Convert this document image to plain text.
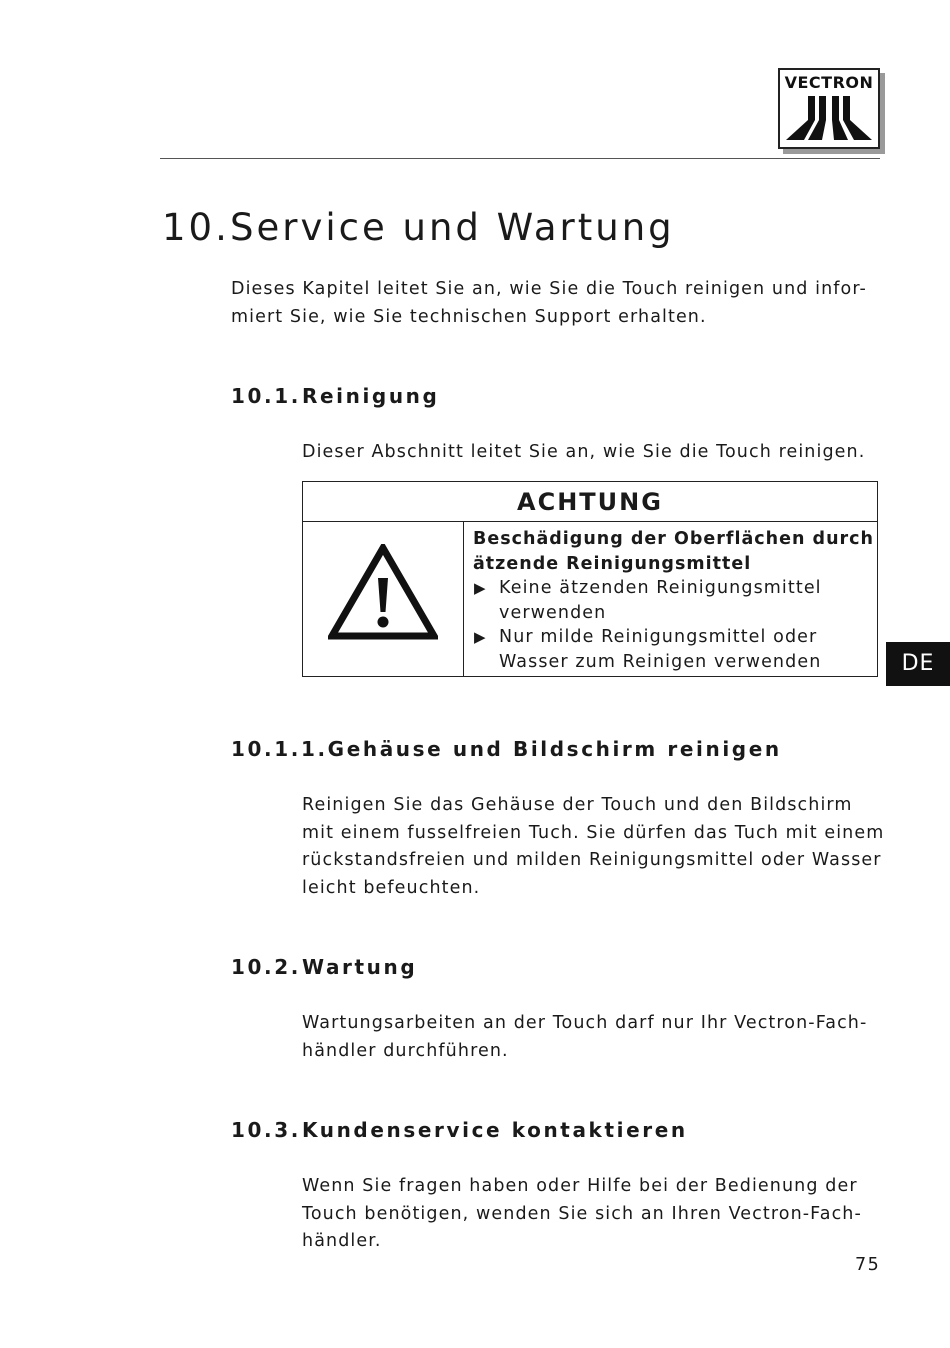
VECTRON
10.Service und Wartung
Dieses Kapitel leitet Sie an, wie Sie die Touch reinigen und infor-
miert Sie, wie Sie technischen Support erhalten.
10.1.Reinigung
Dieser Abschnitt leitet Sie an, wie Sie die Touch reinigen.
ACHTUNG
Beschädigung der Oberflächen durch
ätzende Reinigungsmittel
▶ Keine ätzenden Reinigungsmittel
verwenden
▶ Nur milde Reinigungsmittel oder
Wasser zum Reinigen verwenden	DE
10.1.1.Gehäuse und Bildschirm reinigen
Reinigen Sie das Gehäuse der Touch und den Bildschirm
mit einem fusselfreien Tuch. Sie dürfen das Tuch mit einem
rückstandsfreien und milden Reinigungsmittel oder Wasser
leicht befeuchten.
10.2.Wartung
Wartungsarbeiten an der Touch darf nur Ihr Vectron-Fach-
händler durchführen.
10.3.Kundenservice kontaktieren
Wenn Sie fragen haben oder Hilfe bei der Bedienung der
Touch benötigen, wenden Sie sich an Ihren Vectron-Fach-
händler.
75
